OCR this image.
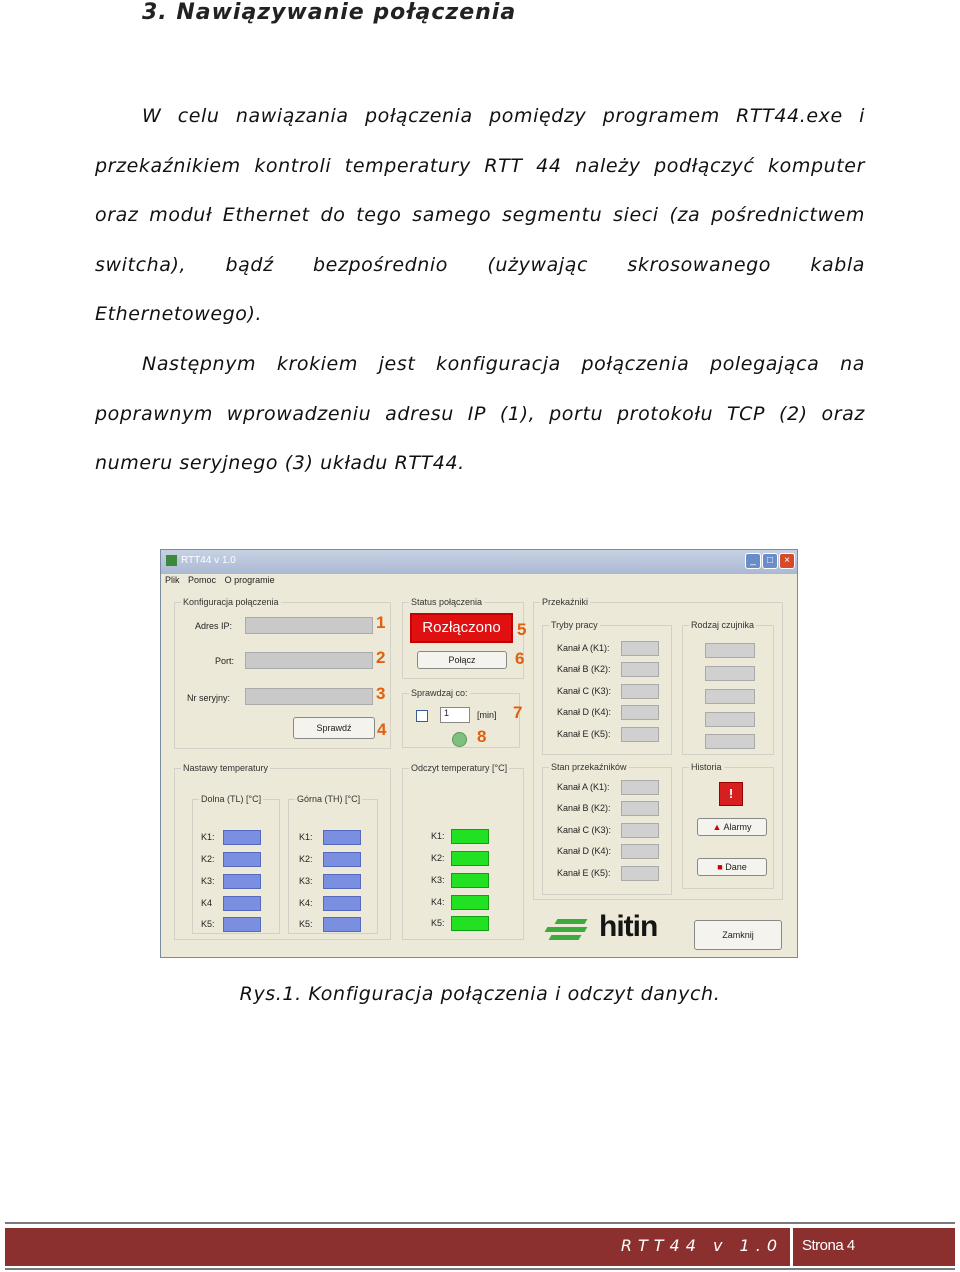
3. Nawiązywanie połączenia
W celu nawiązania połączenia pomiędzy programem RTT44.exe i
przekaźnikiem kontroli temperatury RTT 44 należy podłączyć komputer
oraz moduł Ethernet do tego samego segmentu sieci (za pośrednictwem
switcha), bądź bezpośrednio (używając skrosowanego kabla
Ethernetowego).
Następnym krokiem jest konfiguracja połączenia polegająca na
poprawnym wprowadzeniu adresu IP (1), portu protokołu TCP (2) oraz
numeru seryjnego (3) układu RTT44.
RTT44 v 1.0	_	□	×
Plik Pomoc O programie
Konfiguracja połączenia
Adres IP:	1
Port:	2
Nr seryjny:	3
Sprawdź	4
Status połączenia
Rozłączono 5
Połącz	6
Sprawdzaj co:
1	[min] 7
8
Przekaźniki
Tryby pracy
Kanał A (K1):
Kanał B (K2):
Kanał C (K3):
Kanał D (K4):
Kanał E (K5):
Rodzaj czujnika
Stan przekaźników
Kanał A (K1):
Kanał B (K2):
Kanał C (K3):
Kanał D (K4):
Kanał E (K5):
Historia
!
▲ Alarmy
■ Dane
Nastawy temperatury
Dolna (TL) [°C]
K1:
K2:
K3:
K4
K5:
Górna (TH) [°C]
K1:
K2:
K3:
K4:
K5:
Odczyt temperatury [°C]
K1:
K2:
K3:
K4:
K5:	hitin	Zamknij
Rys.1. Konfiguracja połączenia i odczyt danych.
RTT44 v 1.0 Strona 4
